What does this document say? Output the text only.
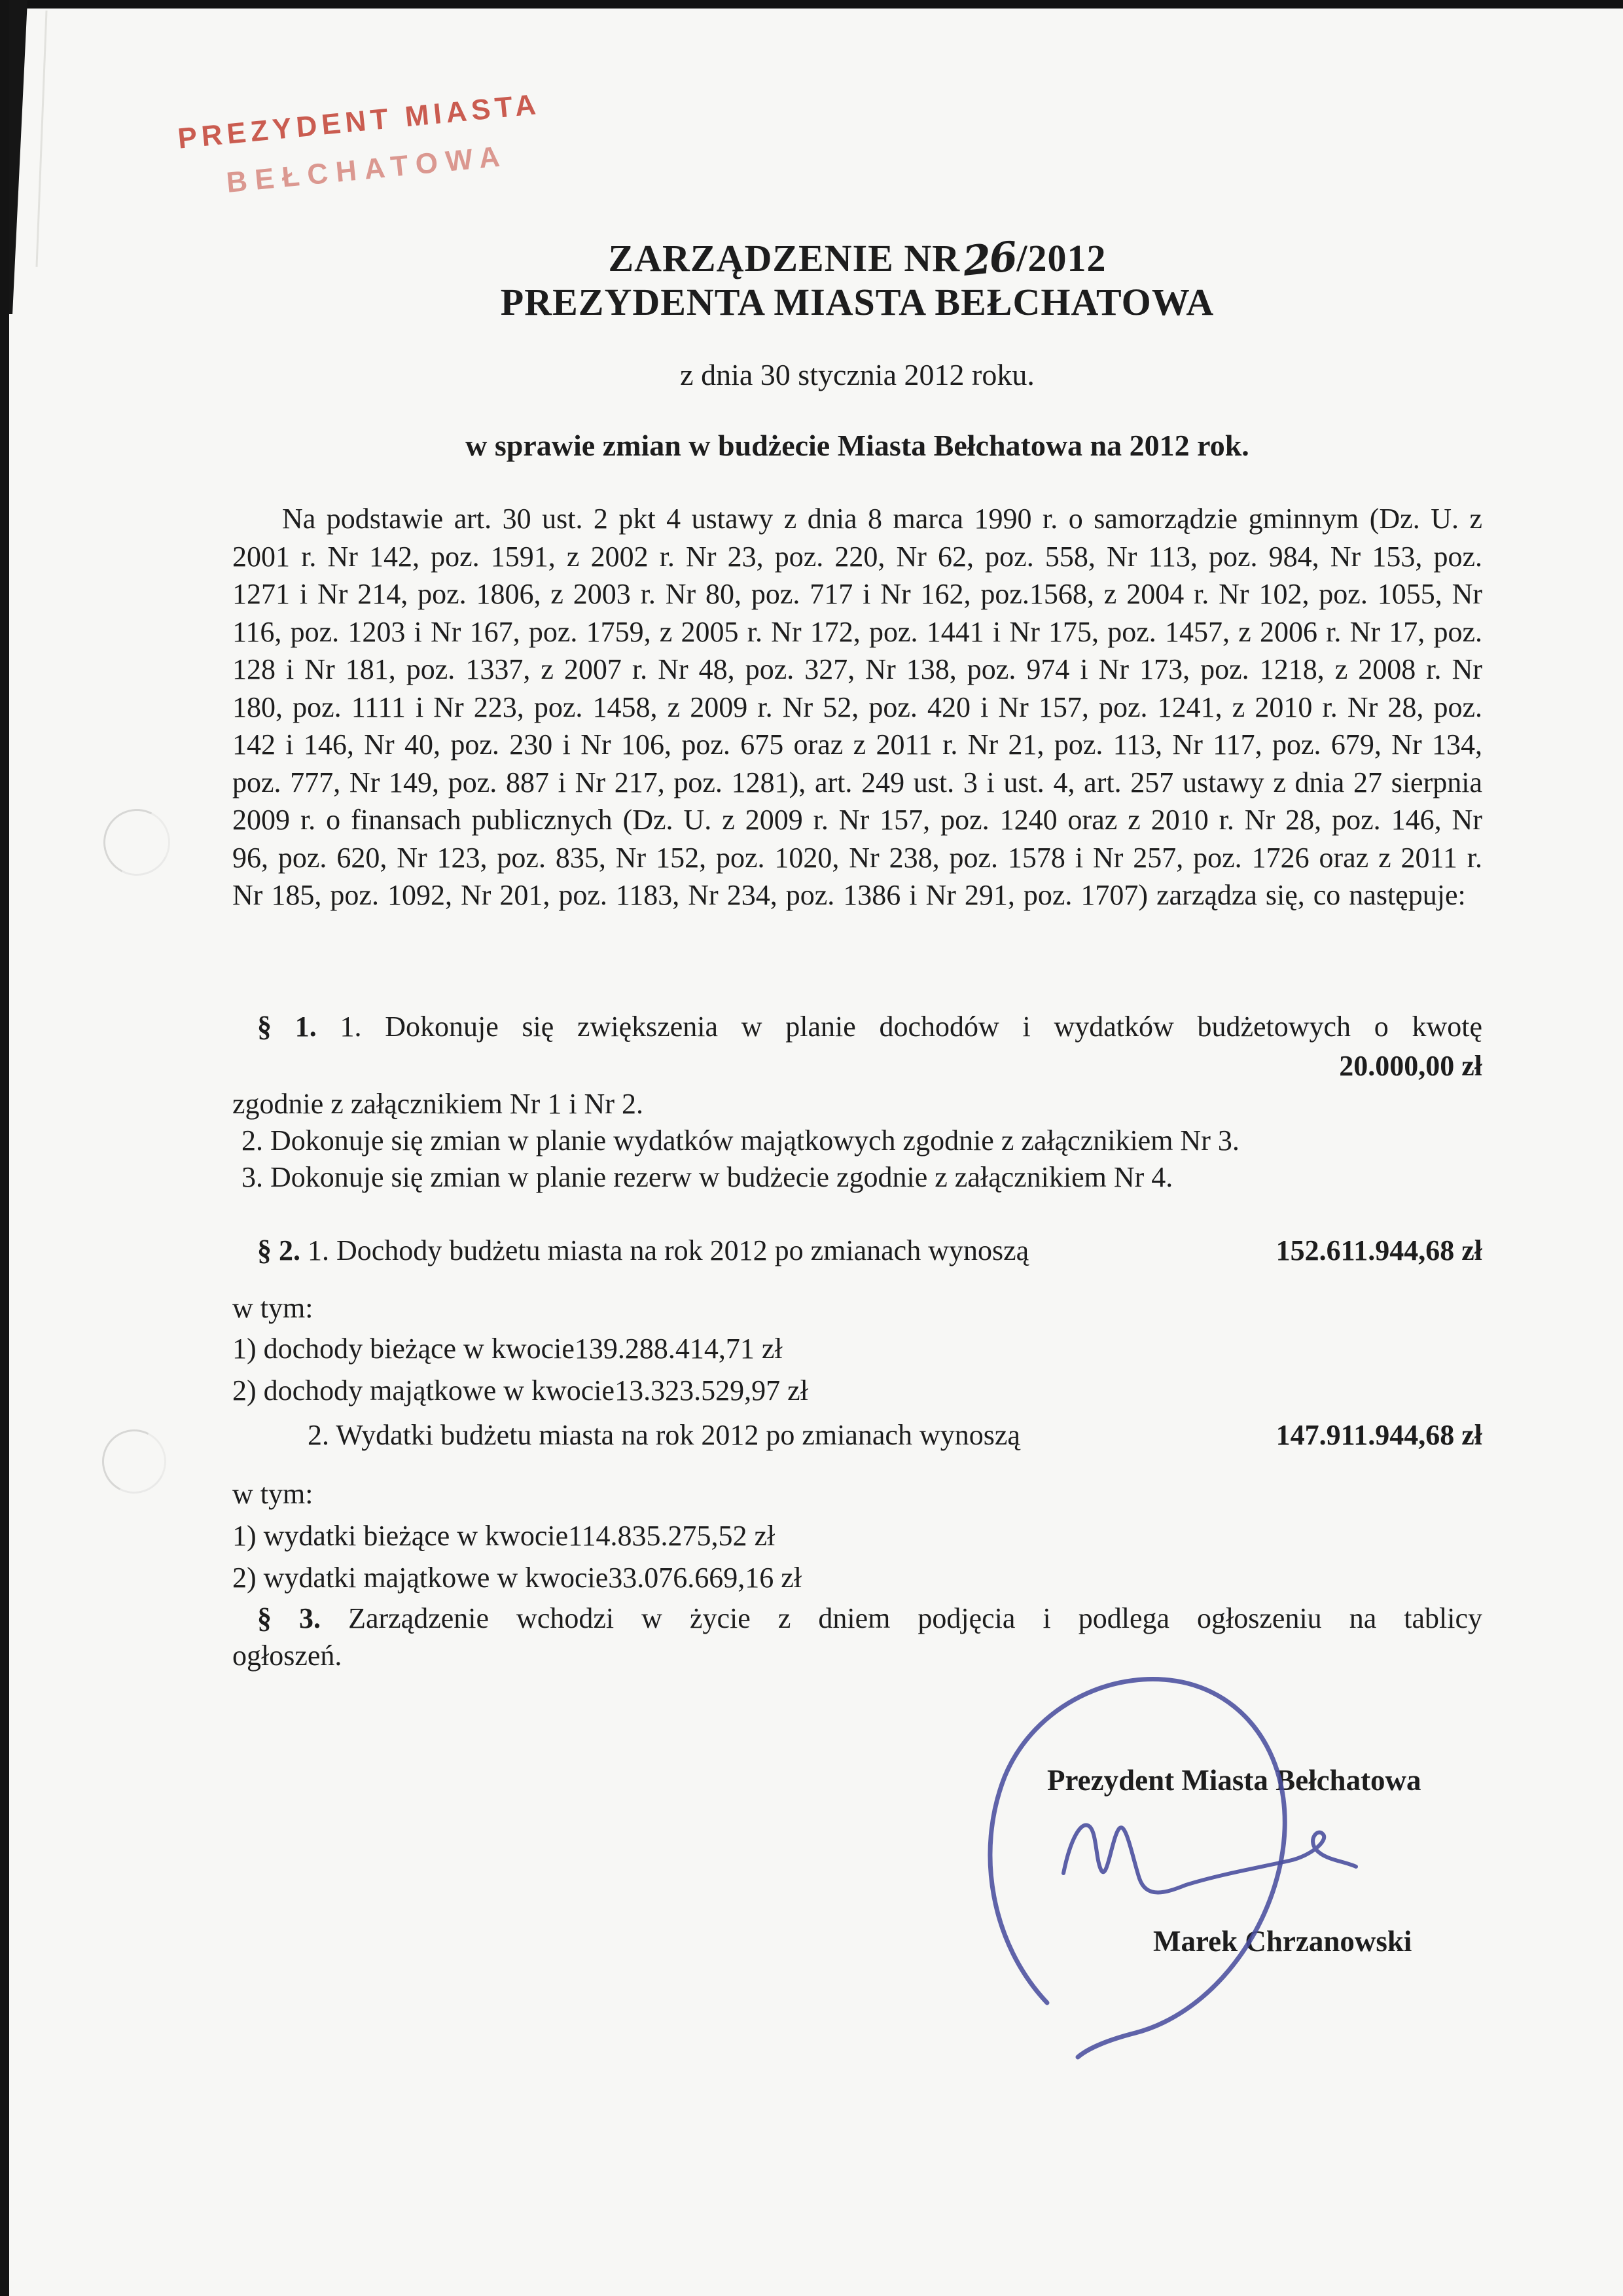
PREZYDENT MIASTA
BEŁCHATOWA
ZARZĄDZENIE NR26/2012
PREZYDENTA MIASTA BEŁCHATOWA
z dnia 30 stycznia 2012 roku.
w sprawie zmian w budżecie Miasta Bełchatowa na 2012 rok.
Na podstawie art. 30 ust. 2 pkt 4 ustawy z dnia 8 marca 1990 r. o samorządzie gminnym (Dz. U. z 2001 r. Nr 142, poz. 1591, z 2002 r. Nr 23, poz. 220, Nr 62, poz. 558, Nr 113, poz. 984, Nr 153, poz. 1271 i Nr 214, poz. 1806, z 2003 r. Nr 80, poz. 717 i Nr 162, poz.1568, z 2004 r. Nr 102, poz. 1055, Nr 116, poz. 1203 i Nr 167, poz. 1759, z 2005 r. Nr 172, poz. 1441 i Nr 175, poz. 1457, z 2006 r. Nr 17, poz. 128 i Nr 181, poz. 1337, z 2007 r. Nr 48, poz. 327, Nr 138, poz. 974 i Nr 173, poz. 1218, z 2008 r. Nr 180, poz. 1111 i Nr 223, poz. 1458, z 2009 r. Nr 52, poz. 420 i Nr 157, poz. 1241, z 2010 r. Nr 28, poz. 142 i 146, Nr 40, poz. 230 i Nr 106, poz. 675 oraz z 2011 r. Nr 21, poz. 113, Nr 117, poz. 679, Nr 134, poz. 777, Nr 149, poz. 887 i Nr 217, poz. 1281), art. 249 ust. 3 i ust. 4, art. 257 ustawy z dnia 27 sierpnia 2009 r. o finansach publicznych (Dz. U. z 2009 r. Nr 157, poz. 1240 oraz z 2010 r. Nr 28, poz. 146, Nr 96, poz. 620, Nr 123, poz. 835, Nr 152, poz. 1020, Nr 238, poz. 1578 i Nr 257, poz. 1726 oraz z 2011 r. Nr 185, poz. 1092, Nr 201, poz. 1183, Nr 234, poz. 1386 i Nr 291, poz. 1707) zarządza się, co następuje:
§ 1. 1. Dokonuje się zwiększenia w planie dochodów i wydatków budżetowych o kwotę
20.000,00 zł
zgodnie z załącznikiem Nr 1 i Nr 2.
2. Dokonuje się zmian w planie wydatków majątkowych zgodnie z załącznikiem Nr 3.
3. Dokonuje się zmian w planie rezerw w budżecie zgodnie z załącznikiem Nr 4.
§ 2. 1. Dochody budżetu miasta na rok 2012 po zmianach wynoszą	152.611.944,68 zł
w tym:
1) dochody bieżące w kwocie139.288.414,71 zł
2) dochody majątkowe w kwocie13.323.529,97 zł
2. Wydatki budżetu miasta na rok 2012 po zmianach wynoszą	147.911.944,68 zł
w tym:
1) wydatki bieżące w kwocie114.835.275,52 zł
2) wydatki majątkowe w kwocie33.076.669,16 zł
§ 3. Zarządzenie wchodzi w życie z dniem podjęcia i podlega ogłoszeniu na tablicy
ogłoszeń.
Prezydent Miasta Bełchatowa
Marek Chrzanowski
